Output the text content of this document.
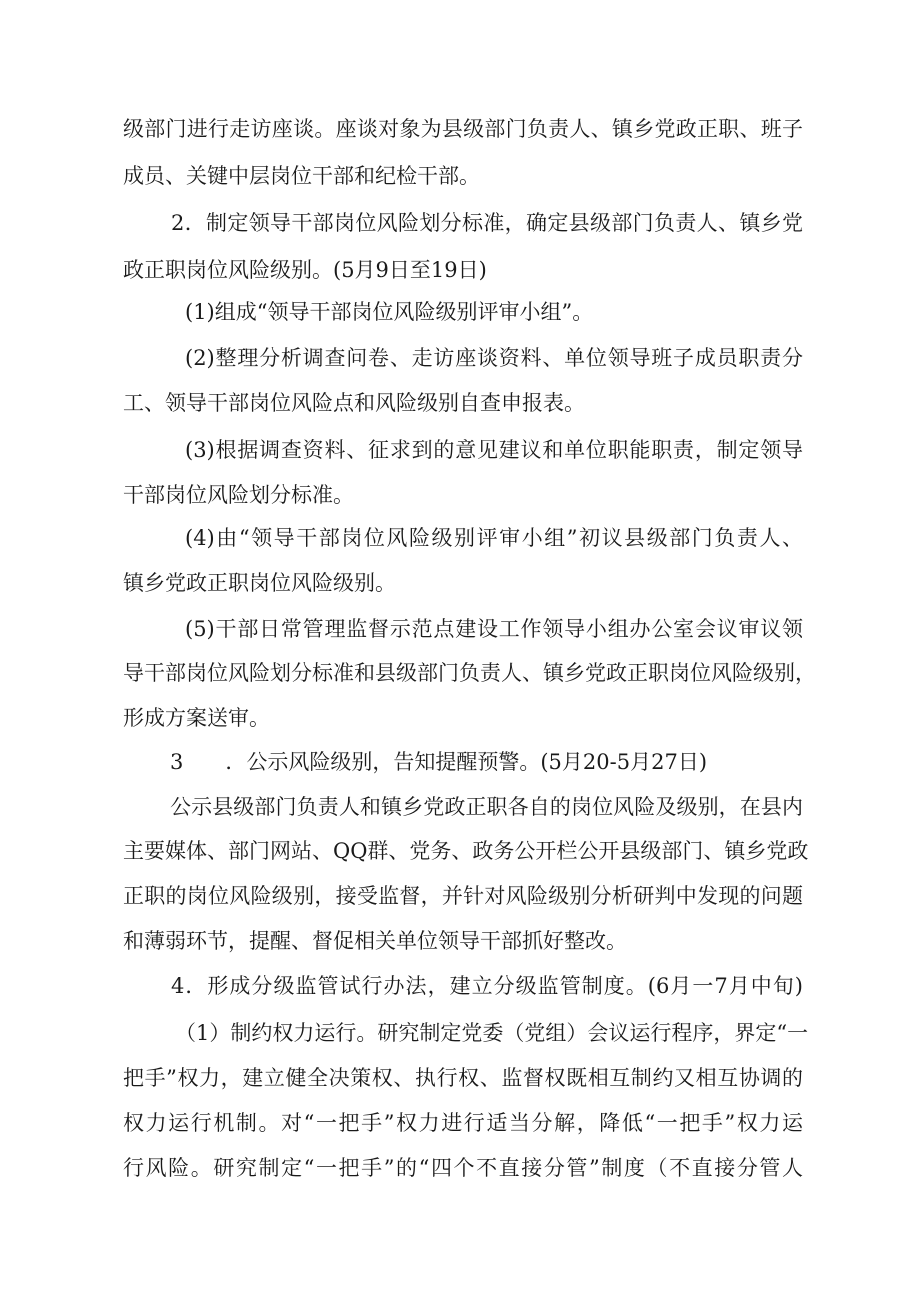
级部门进行走访座谈。座谈对象为县级部门负责人、镇乡党政正职、班子
成员、关键中层岗位干部和纪检干部。
2．制定领导干部岗位风险划分标准，确定县级部门负责人、镇乡党
政正职岗位风险级别。(5月9日至19日)
(1)组成“领导干部岗位风险级别评审小组”。
(2)整理分析调查问卷、走访座谈资料、单位领导班子成员职责分
工、领导干部岗位风险点和风险级别自查申报表。
(3)根据调查资料、征求到的意见建议和单位职能职责，制定领导
干部岗位风险划分标准。
(4)由“领导干部岗位风险级别评审小组”初议县级部门负责人、
镇乡党政正职岗位风险级别。
(5)干部日常管理监督示范点建设工作领导小组办公室会议审议领
导干部岗位风险划分标准和县级部门负责人、镇乡党政正职岗位风险级别，
形成方案送审。
3　　．公示风险级别，告知提醒预警。(5月20-5月27日)
公示县级部门负责人和镇乡党政正职各自的岗位风险及级别，在县内
主要媒体、部门网站、QQ群、党务、政务公开栏公开县级部门、镇乡党政
正职的岗位风险级别，接受监督，并针对风险级别分析研判中发现的问题
和薄弱环节，提醒、督促相关单位领导干部抓好整改。
4．形成分级监管试行办法，建立分级监管制度。(6月一7月中旬)
（1）制约权力运行。研究制定党委（党组）会议运行程序，界定“一
把手”权力，建立健全决策权、执行权、监督权既相互制约又相互协调的
权力运行机制。对“一把手”权力进行适当分解，降低“一把手”权力运
行风险。研究制定“一把手”的“四个不直接分管”制度（不直接分管人
